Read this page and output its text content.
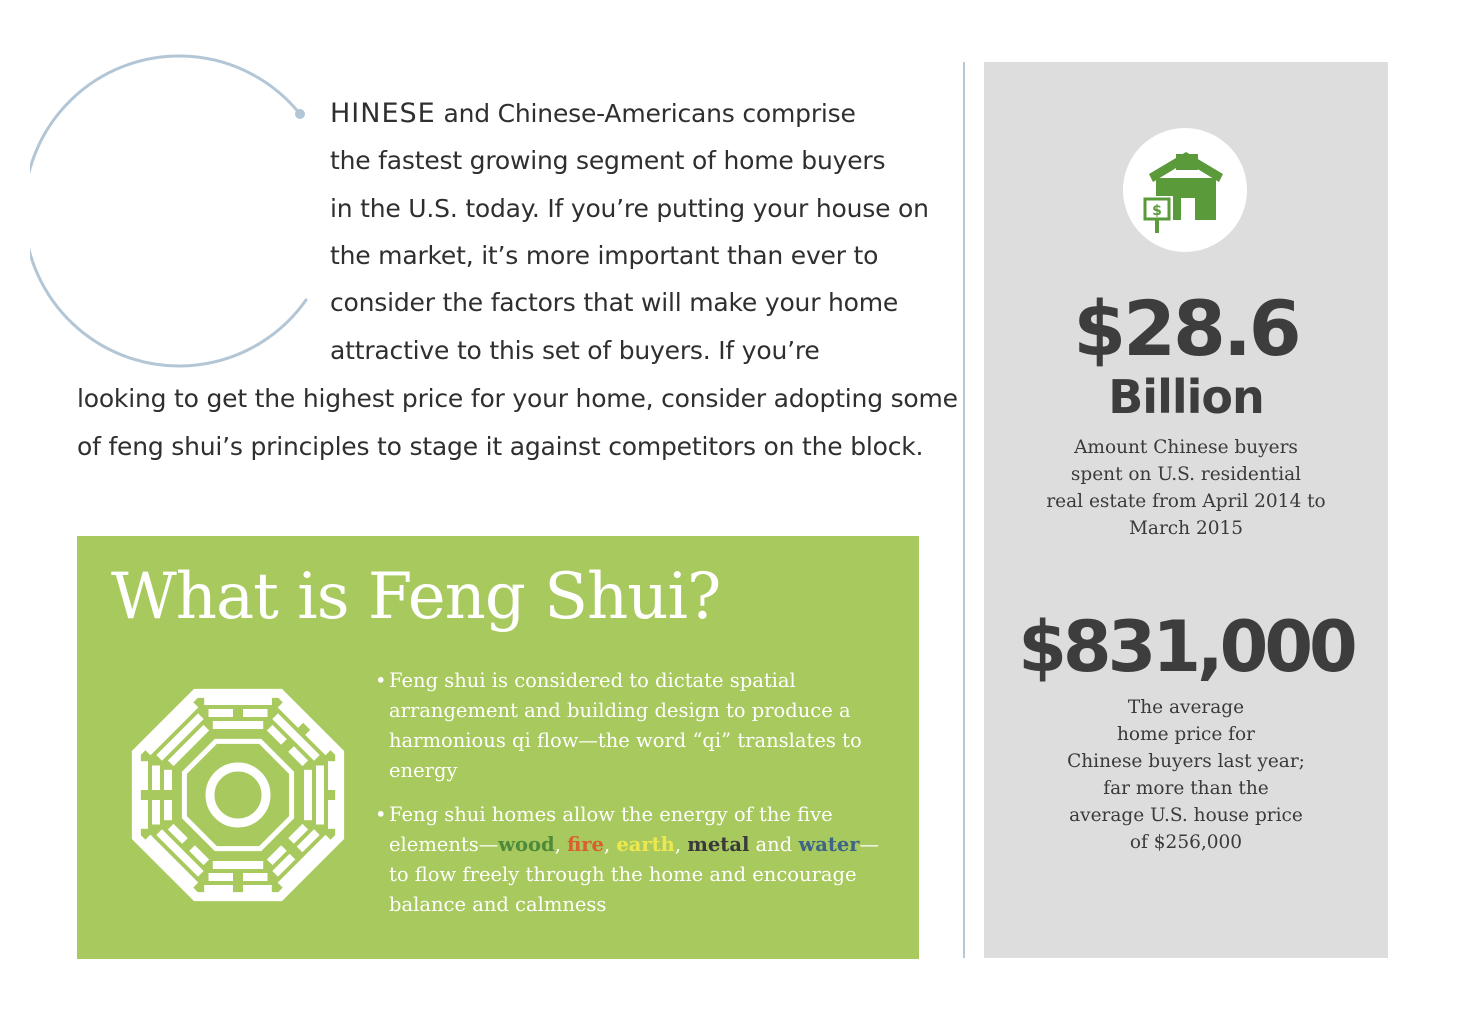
HINESE and Chinese-Americans comprise
the fastest growing segment of home buyers
in the U.S. today. If you’re putting your house on
the market, it’s more important than ever to
consider the factors that will make your home
attractive to this set of buyers. If you’re
looking to get the highest price for your home, consider adopting some
of feng shui’s principles to stage it against competitors on the block.
What is Feng Shui?
• Feng shui is considered to dictate spatial arrangement and building design to produce a harmonious qi flow—the word “qi” translates to energy
• Feng shui homes allow the energy of the five elements—wood, fire, earth, metal and water—to flow freely through the home and encourage balance and calmness
$
$28.6
Billion
Amount Chinese buyers
spent on U.S. residential
real estate from April 2014 to
March 2015
$831,000
The average
home price for
Chinese buyers last year;
far more than the
average U.S. house price
of $256,000
